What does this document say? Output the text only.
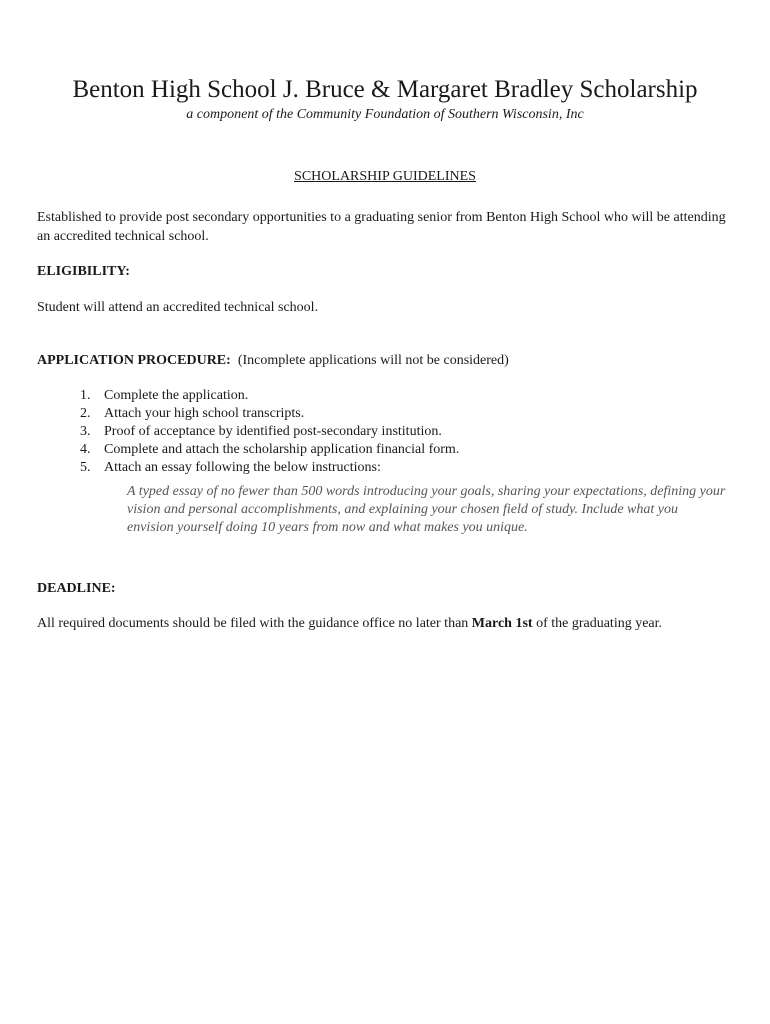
Benton High School J. Bruce & Margaret Bradley Scholarship
a component of the Community Foundation of Southern Wisconsin, Inc
SCHOLARSHIP GUIDELINES
Established to provide post secondary opportunities to a graduating senior from Benton High School who will be attending an accredited technical school.
ELIGIBILITY:
Student will attend an accredited technical school.
APPLICATION PROCEDURE: (Incomplete applications will not be considered)
1. Complete the application.
2. Attach your high school transcripts.
3. Proof of acceptance by identified post-secondary institution.
4. Complete and attach the scholarship application financial form.
5. Attach an essay following the below instructions:
A typed essay of no fewer than 500 words introducing your goals, sharing your expectations, defining your vision and personal accomplishments, and explaining your chosen field of study. Include what you envision yourself doing 10 years from now and what makes you unique.
DEADLINE:
All required documents should be filed with the guidance office no later than March 1st of the graduating year.
